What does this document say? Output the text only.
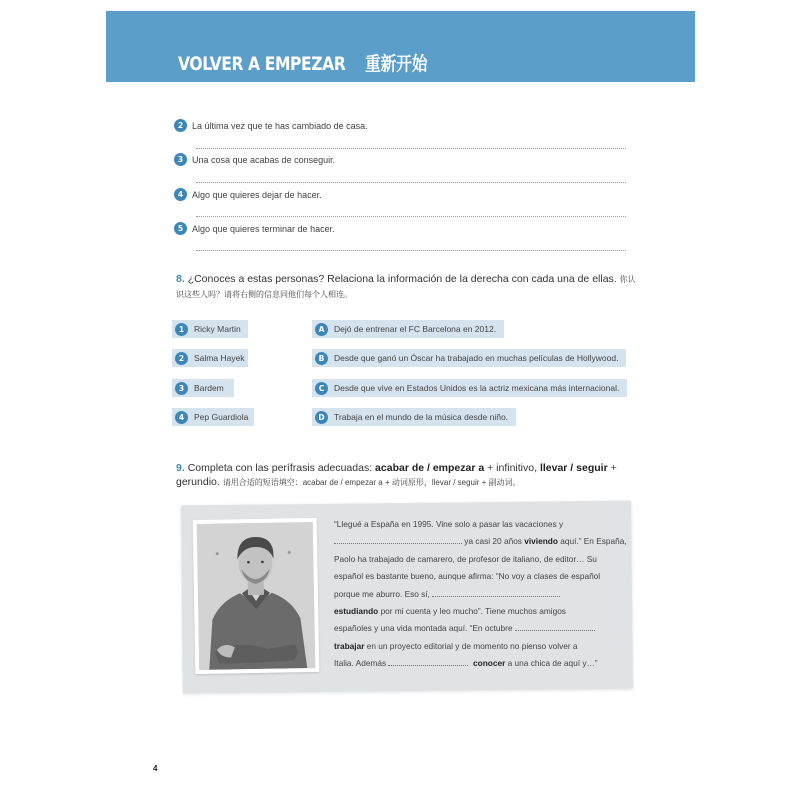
VOLVER A EMPEZAR 重新开始
2 La última vez que te has cambiado de casa.
3 Una cosa que acabas de conseguir.
4 Algo que quieres dejar de hacer.
5 Algo que quieres terminar de hacer.
8. ¿Conoces a estas personas? Relaciona la información de la derecha con cada una de ellas. 你认识这些人吗？请将右侧的信息同他们每个人相连。
1	Ricky Martin
2	Salma Hayek
3	Bardem
4	Pep Guardiola
A	Dejó de entrenar el FC Barcelona en 2012.
B	Desde que ganó un Óscar ha trabajado en muchas películas de Hollywood.
C	Desde que vive en Estados Unidos es la actriz mexicana más internacional.
D	Trabaja en el mundo de la música desde niño.
9. Completa con las perífrasis adecuadas: acabar de / empezar a + infinitivo, llevar / seguir + gerundio. 请用合适的短语填空：acabar de / empezar a + 动词原形，llevar / seguir + 副动词。
“Llegué a España en 1995. Vine solo a pasar las vacaciones y
ya casi 20 años viviendo aquí.” En España,
Paolo ha trabajado de camarero, de profesor de italiano, de editor… Su
español es bastante bueno, aunque afirma: “No voy a clases de español
porque me aburro. Eso sí,
estudiando por mi cuenta y leo mucho”. Tiene muchos amigos
españoles y una vida montada aquí. “En octubre
trabajar en un proyecto editorial y de momento no pienso volver a
Italia. Además	conocer a una chica de aquí y…”
4
